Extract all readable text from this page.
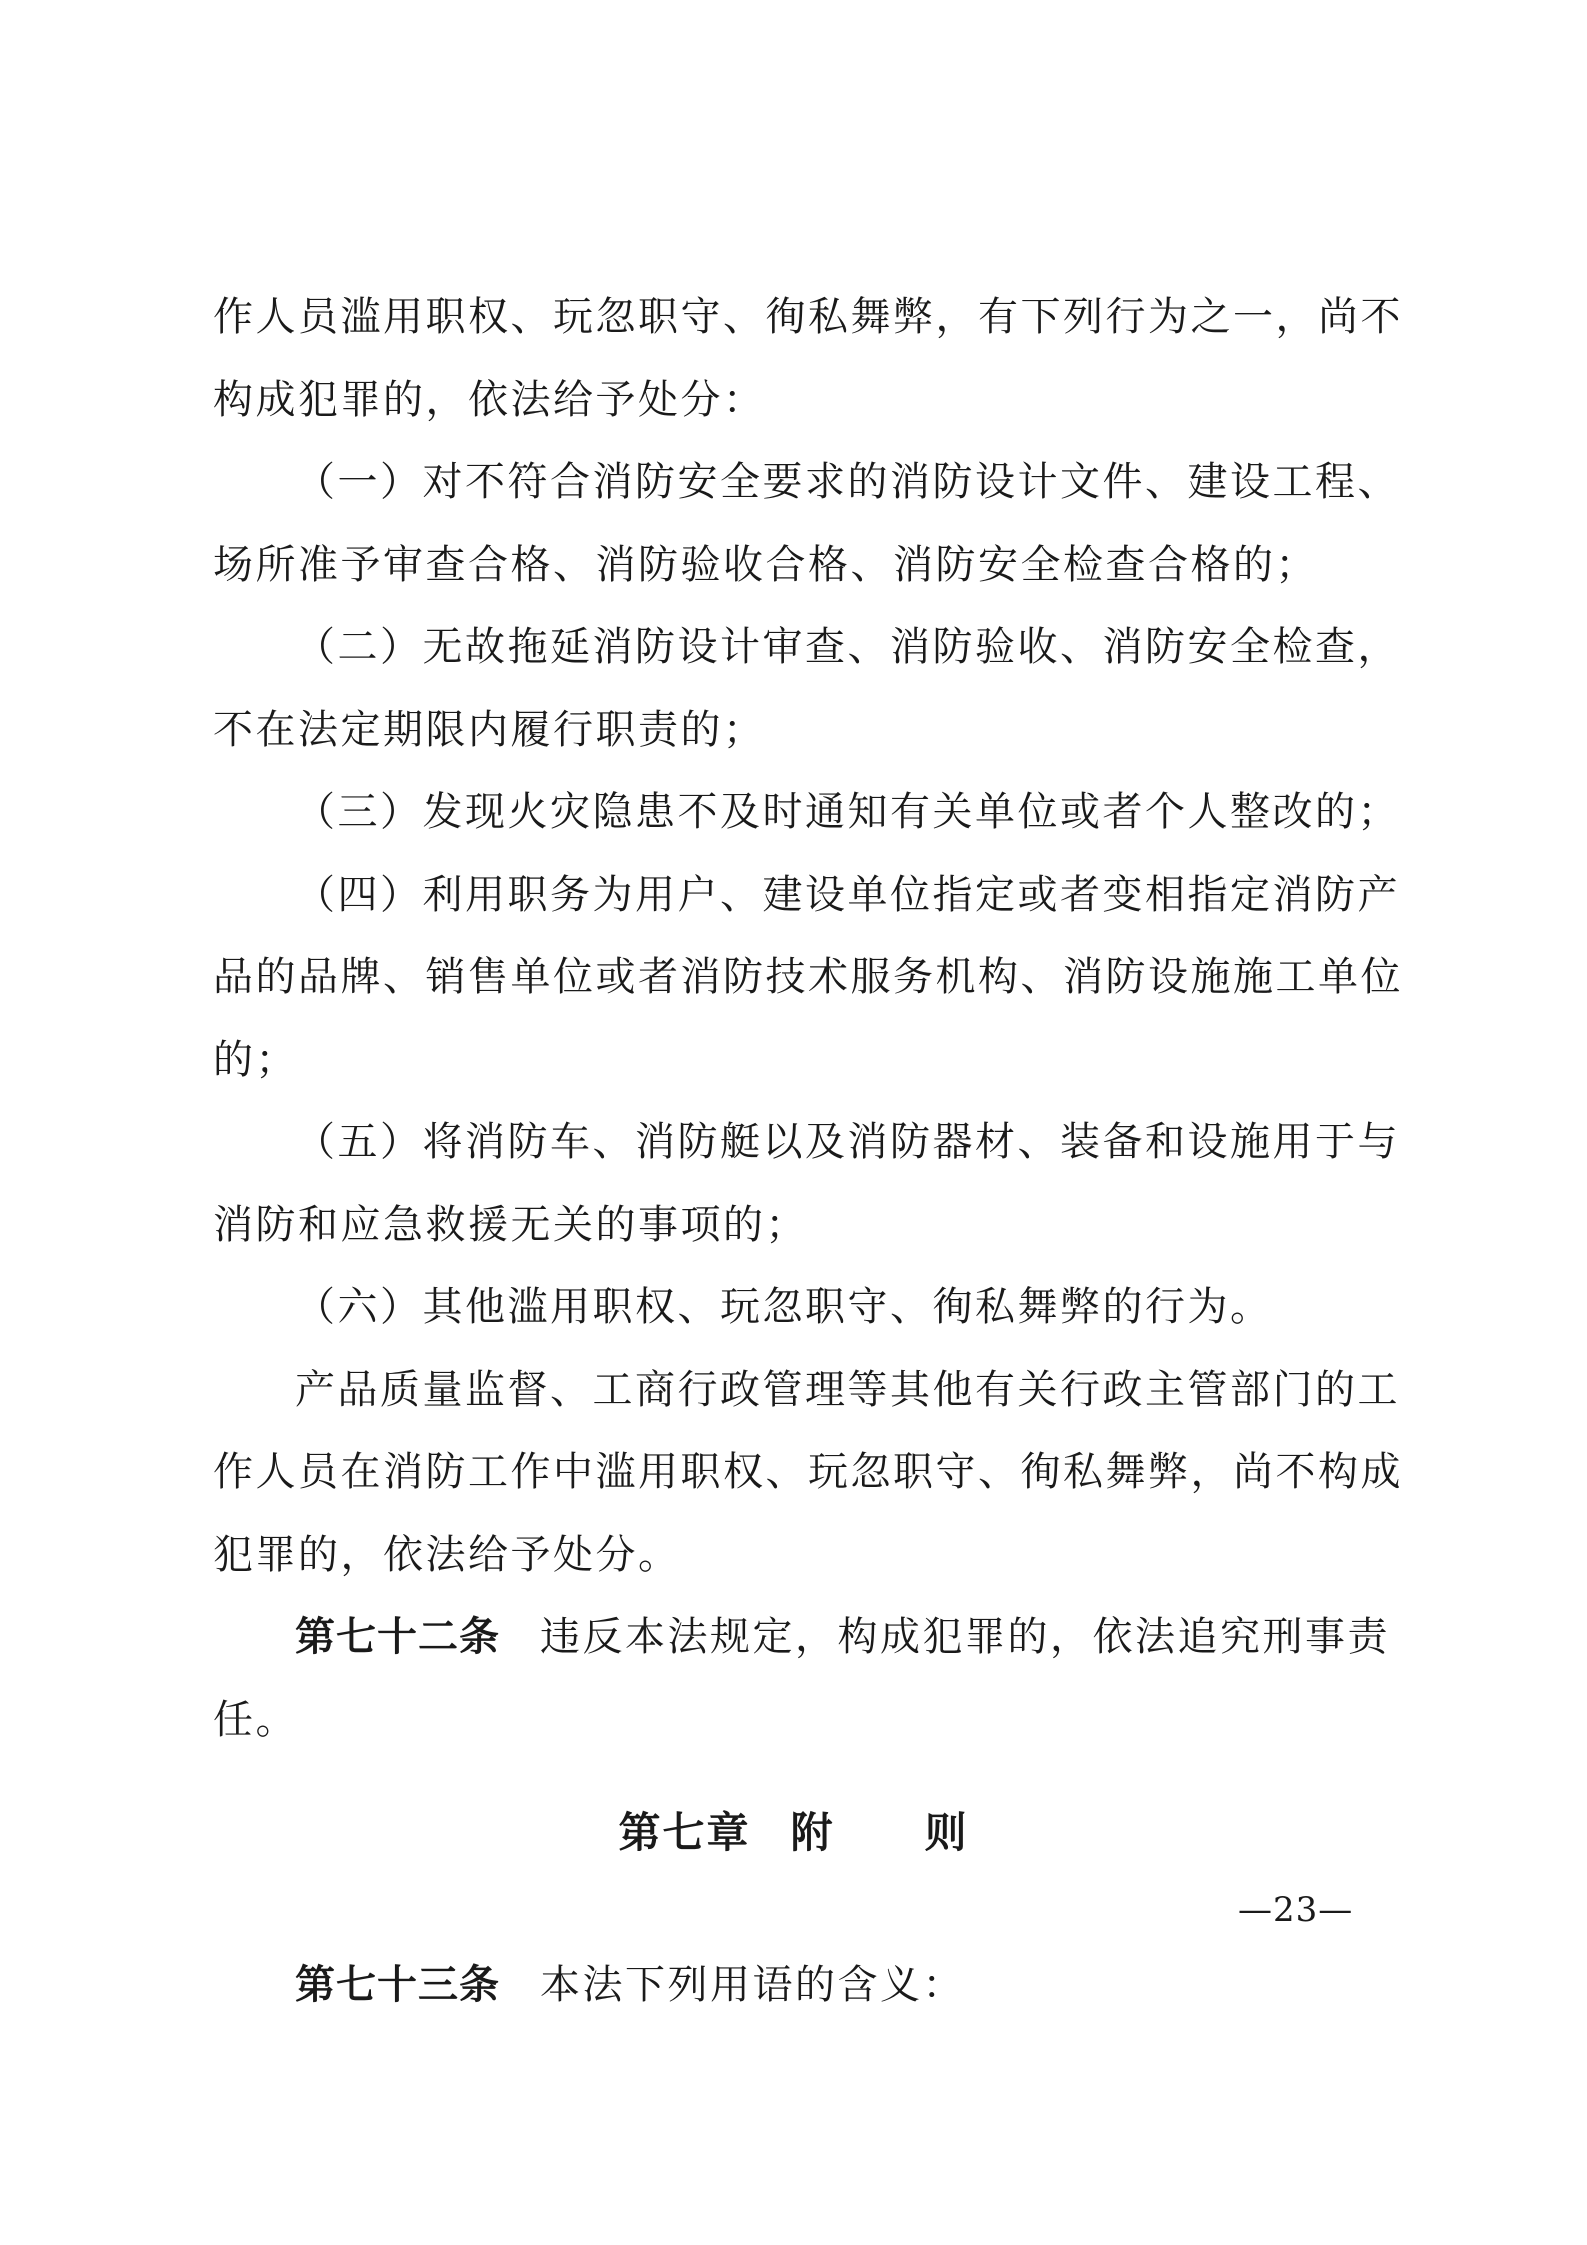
作人员滥用职权、玩忽职守、徇私舞弊，有下列行为之一，尚不
构成犯罪的，依法给予处分：
（一）对不符合消防安全要求的消防设计文件、建设工程、
场所准予审查合格、消防验收合格、消防安全检查合格的；
（二）无故拖延消防设计审查、消防验收、消防安全检查，
不在法定期限内履行职责的；
（三）发现火灾隐患不及时通知有关单位或者个人整改的；
（四）利用职务为用户、建设单位指定或者变相指定消防产
品的品牌、销售单位或者消防技术服务机构、消防设施施工单位
的；
（五）将消防车、消防艇以及消防器材、装备和设施用于与
消防和应急救援无关的事项的；
（六）其他滥用职权、玩忽职守、徇私舞弊的行为。
产品质量监督、工商行政管理等其他有关行政主管部门的工
作人员在消防工作中滥用职权、玩忽职守、徇私舞弊，尚不构成
犯罪的，依法给予处分。
第七十二条 违反本法规定，构成犯罪的，依法追究刑事责
任。
第七章 附 则
第七十三条 本法下列用语的含义：
—23—
